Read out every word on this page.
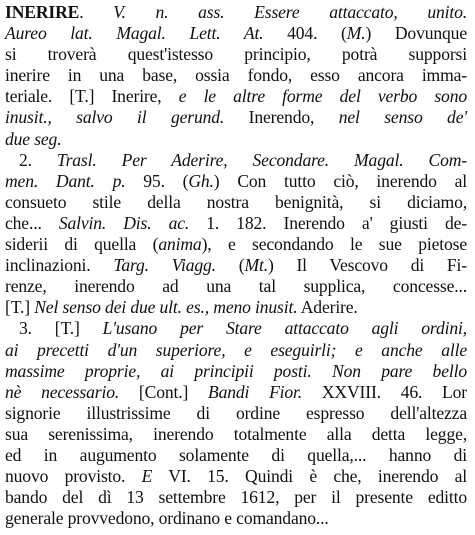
INERIRE. V. n. ass. Essere attaccato, unito.
Aureo lat. Magal. Lett. At. 404. (M.) Dovunque
si troverà quest'istesso principio, potrà supporsi
inerire in una base, ossia fondo, esso ancora imma-
teriale. [T.] Inerire, e le altre forme del verbo sono
inusit., salvo il gerund. Inerendo, nel senso de'
due seg.
2. Trasl. Per Aderire, Secondare. Magal. Com-
men. Dant. p. 95. (Gh.) Con tutto ciò, inerendo al
consueto stile della nostra benignità, si diciamo,
che... Salvin. Dis. ac. 1. 182. Inerendo a' giusti de-
siderii di quella (anima), e secondando le sue pietose
inclinazioni. Targ. Viagg. (Mt.) Il Vescovo di Fi-
renze, inerendo ad una tal supplica, concesse...
[T.] Nel senso dei due ult. es., meno inusit. Aderire.
3. [T.] L'usano per Stare attaccato agli ordini,
ai precetti d'un superiore, e eseguirli; e anche alle
massime proprie, ai principii posti. Non pare bello
nè necessario. [Cont.] Bandi Fior. XXVIII. 46. Lor
signorie illustrissime di ordine espresso dell'altezza
sua serenissima, inerendo totalmente alla detta legge,
ed in augumento solamente di quella,... hanno di
nuovo provisto. E VI. 15. Quindi è che, inerendo al
bando del dì 13 settembre 1612, per il presente editto
generale provvedono, ordinano e comandano...
